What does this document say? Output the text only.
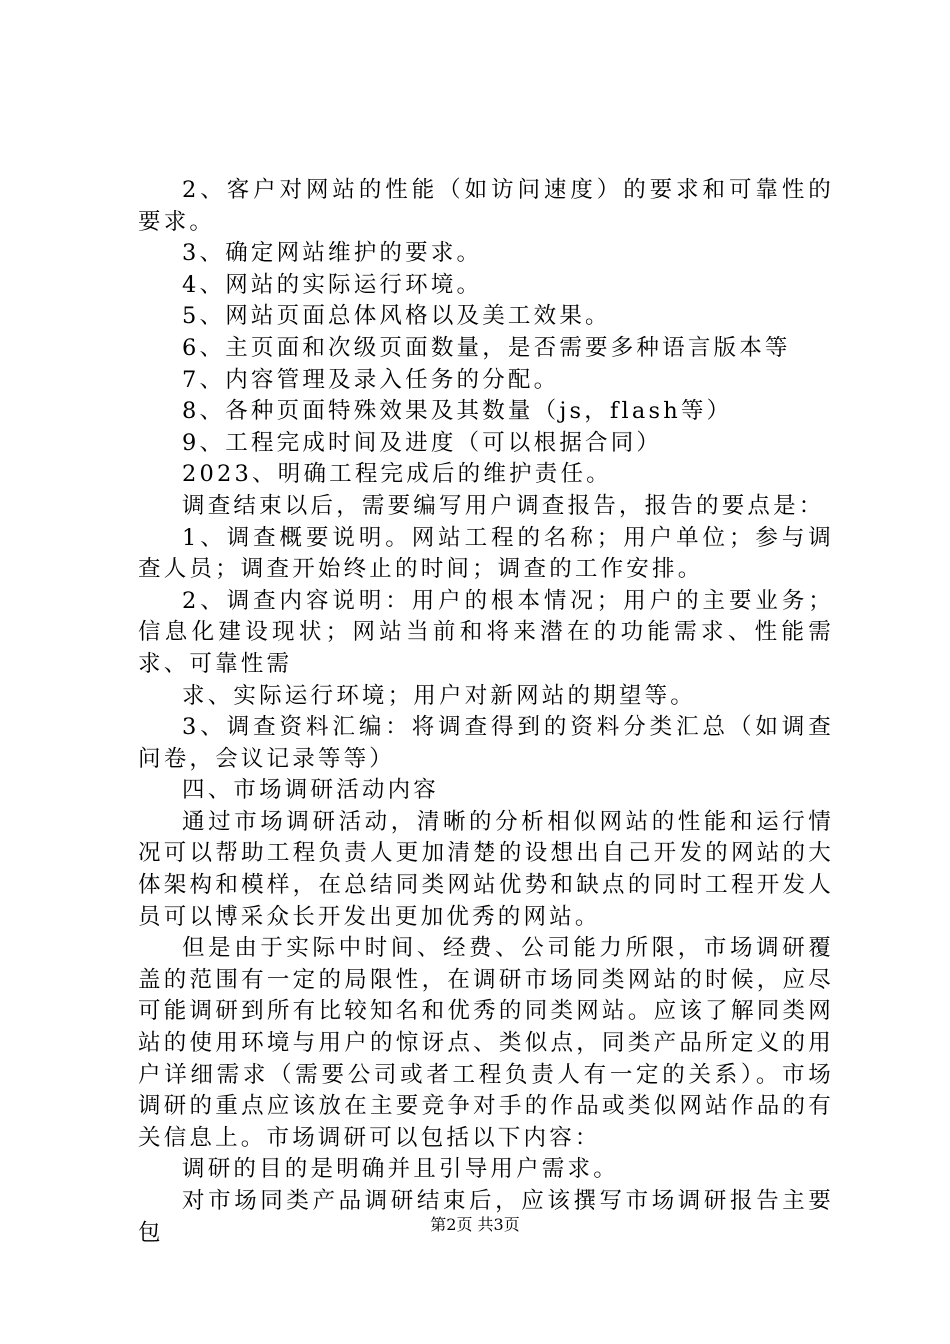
2、客户对网站的性能（如访问速度）的要求和可靠性的要求。

3、确定网站维护的要求。

4、网站的实际运行环境。

5、网站页面总体风格以及美工效果。

6、主页面和次级页面数量，是否需要多种语言版本等

7、内容管理及录入任务的分配。

8、各种页面特殊效果及其数量（js，flash等）

9、工程完成时间及进度（可以根据合同）

2023、明确工程完成后的维护责任。

调查结束以后，需要编写用户调查报告，报告的要点是：

1、调查概要说明。网站工程的名称；用户单位；参与调查人员；调查开始终止的时间；调查的工作安排。

2、调查内容说明：用户的根本情况；用户的主要业务；信息化建设现状；网站当前和将来潜在的功能需求、性能需求、可靠性需

求、实际运行环境；用户对新网站的期望等。

3、调查资料汇编：将调查得到的资料分类汇总（如调查问卷，会议记录等等）

四、市场调研活动内容

通过市场调研活动，清晰的分析相似网站的性能和运行情况可以帮助工程负责人更加清楚的设想出自己开发的网站的大体架构和模样，在总结同类网站优势和缺点的同时工程开发人员可以博采众长开发出更加优秀的网站。

但是由于实际中时间、经费、公司能力所限，市场调研覆盖的范围有一定的局限性，在调研市场同类网站的时候，应尽可能调研到所有比较知名和优秀的同类网站。应该了解同类网站的使用环境与用户的惊讶点、类似点，同类产品所定义的用户详细需求（需要公司或者工程负责人有一定的关系）。市场调研的重点应该放在主要竞争对手的作品或类似网站作品的有关信息上。市场调研可以包括以下内容：

调研的目的是明确并且引导用户需求。

对市场同类产品调研结束后，应该撰写市场调研报告主要包	第2页 共3页
